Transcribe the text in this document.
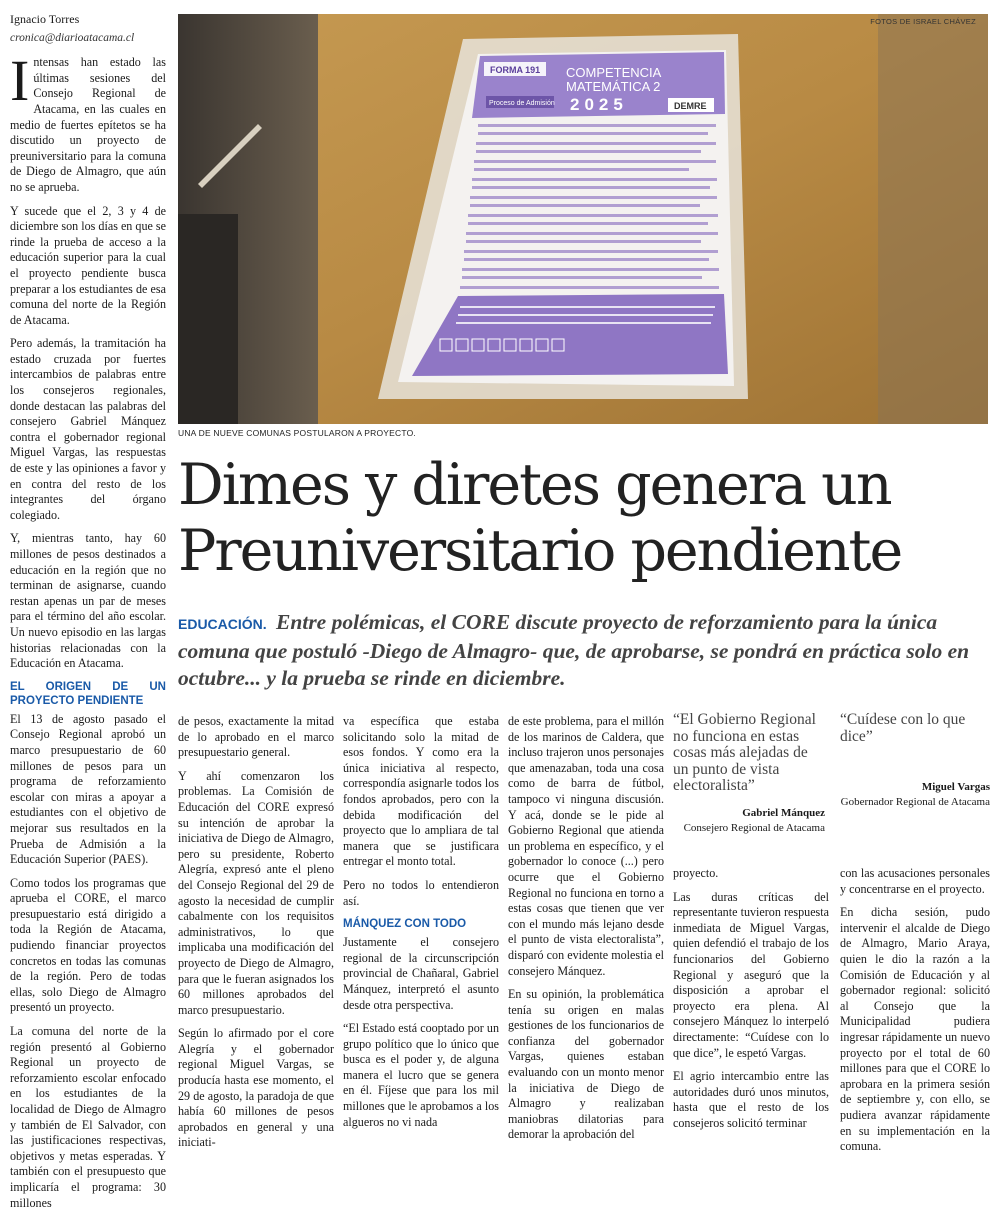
Ignacio Torres
cronica@diarioatacama.cl

Intensas han estado las últimas sesiones del Consejo Regional de Atacama, en las cuales en medio de fuertes epítetos se ha discutido un proyecto de preuniversitario para la comuna de Diego de Almagro, que aún no se aprueba.

Y sucede que el 2, 3 y 4 de diciembre son los días en que se rinde la prueba de acceso a la educación superior para la cual el proyecto pendiente busca preparar a los estudiantes de esa comuna del norte de la Región de Atacama.

Pero además, la tramitación ha estado cruzada por fuertes intercambios de palabras entre los consejeros regionales, donde destacan las palabras del consejero Gabriel Mánquez contra el gobernador regional Miguel Vargas, las respuestas de este y las opiniones a favor y en contra del resto de los integrantes del órgano colegiado.

Y, mientras tanto, hay 60 millones de pesos destinados a educación en la región que no terminan de asignarse, cuando restan apenas un par de meses para el término del año escolar. Un nuevo episodio en las largas historias relacionadas con la Educación en Atacama.

EL ORIGEN DE UN PROYECTO PENDIENTE

El 13 de agosto pasado el Consejo Regional aprobó un marco presupuestario de 60 millones de pesos para un programa de reforzamiento escolar con miras a apoyar a estudiantes con el objetivo de mejorar sus resultados en la Prueba de Admisión a la Educación Superior (PAES).

Como todos los programas que aprueba el CORE, el marco presupuestario está dirigido a toda la Región de Atacama, pudiendo financiar proyectos concretos en todas las comunas de la región. Pero de todas ellas, solo Diego de Almagro presentó un proyecto.

La comuna del norte de la región presentó al Gobierno Regional un proyecto de reforzamiento escolar enfocado en los estudiantes de la localidad de Diego de Almagro y también de El Salvador, con las justificaciones respectivas, objetivos y metas esperadas. Y también con el presupuesto que implicaría el programa: 30 millones

FORMA 191 COMPETENCIA
MATEMÁTICA 2
Proceso de Admisión 2025	DEMRE
FOTOS DE ISRAEL CHÁVEZ
UNA DE NUEVE COMUNAS POSTULARON A PROYECTO.
Dimes y diretes genera un
Preuniversitario pendiente
EDUCACIÓN. Entre polémicas, el CORE discute proyecto de reforzamiento para la única comuna que postuló -Diego de Almagro- que, de aprobarse, se pondrá en práctica solo en octubre... y la prueba se rinde en diciembre.

de pesos, exactamente la mitad de lo aprobado en el marco presupuestario general.

Y ahí comenzaron los problemas. La Comisión de Educación del CORE expresó su intención de aprobar la iniciativa de Diego de Almagro, pero su presidente, Roberto Alegría, expresó ante el pleno del Consejo Regional del 29 de agosto la necesidad de cumplir cabalmente con los requisitos administrativos, lo que implicaba una modificación del proyecto de Diego de Almagro, para que le fueran asignados los 60 millones aprobados del marco presupuestario.

Según lo afirmado por el core Alegría y el gobernador regional Miguel Vargas, se producía hasta ese momento, el 29 de agosto, la paradoja de que había 60 millones de pesos aprobados en general y una iniciati-

va específica que estaba solicitando solo la mitad de esos fondos. Y como era la única iniciativa al respecto, correspondía asignarle todos los fondos aprobados, pero con la debida modificación del proyecto que lo ampliara de tal manera que se justificara entregar el monto total.

Pero no todos lo entendieron así.

MÁNQUEZ CON TODO

Justamente el consejero regional de la circunscripción provincial de Chañaral, Gabriel Mánquez, interpretó el asunto desde otra perspectiva.

“El Estado está cooptado por un grupo político que lo único que busca es el poder y, de alguna manera el lucro que se genera en él. Fíjese que para los mil millones que le aprobamos a los algueros no vi nada

de este problema, para el millón de los marinos de Caldera, que incluso trajeron unos personajes que amenazaban, toda una cosa como de barra de fútbol, tampoco vi ninguna discusión. Y acá, donde se le pide al Gobierno Regional que atienda un problema en específico, y el gobernador lo conoce (...) pero ocurre que el Gobierno Regional no funciona en torno a estas cosas que tienen que ver con el mundo más lejano desde el punto de vista electoralista”, disparó con evidente molestia el consejero Mánquez.

En su opinión, la problemática tenía su origen en malas gestiones de los funcionarios de confianza del gobernador Vargas, quienes estaban evaluando con un monto menor la iniciativa de Diego de Almagro y realizaban maniobras dilatorias para demorar la aprobación del

“El Gobierno Regional no funciona en estas cosas más alejadas de un punto de vista electoralista”
Gabriel Mánquez
Consejero Regional de Atacama
“Cuídese con lo que dice”
Miguel Vargas
Gobernador Regional de Atacama

proyecto.

Las duras críticas del representante tuvieron respuesta inmediata de Miguel Vargas, quien defendió el trabajo de los funcionarios del Gobierno Regional y aseguró que la disposición a aprobar el proyecto era plena. Al consejero Mánquez lo interpeló directamente: “Cuídese con lo que dice”, le espetó Vargas.

El agrio intercambio entre las autoridades duró unos minutos, hasta que el resto de los consejeros solicitó terminar

con las acusaciones personales y concentrarse en el proyecto.

En dicha sesión, pudo intervenir el alcalde de Diego de Almagro, Mario Araya, quien le dio la razón a la Comisión de Educación y al gobernador regional: solicitó al Consejo que la Municipalidad pudiera ingresar rápidamente un nuevo proyecto por el total de 60 millones para que el CORE lo aprobara en la primera sesión de septiembre y, con ello, se pudiera avanzar rápidamente en su implementación en la comuna.
